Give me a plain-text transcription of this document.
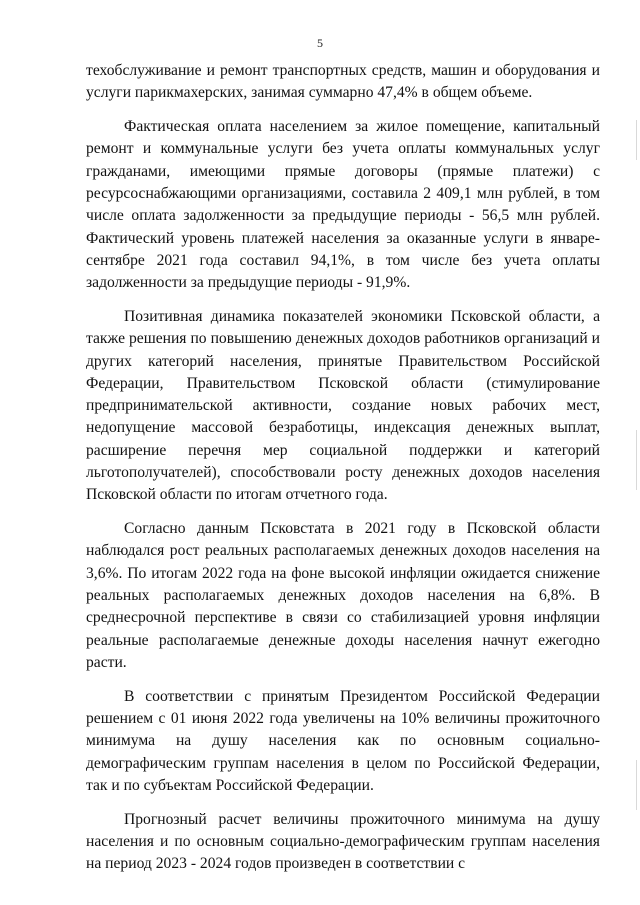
5

техобслуживание и ремонт транспортных средств, машин и оборудования и услуги парикмахерских, занимая суммарно 47,4% в общем объеме.

Фактическая оплата населением за жилое помещение, капитальный ремонт и коммунальные услуги без учета оплаты коммунальных услуг гражданами, имеющими прямые договоры (прямые платежи) с ресурсоснабжающими организациями, составила 2 409,1 млн рублей, в том числе оплата задолженности за предыдущие периоды - 56,5 млн рублей. Фактический уровень платежей населения за оказанные услуги в январе-сентябре 2021 года составил 94,1%, в том числе без учета оплаты задолженности за предыдущие периоды - 91,9%.

Позитивная динамика показателей экономики Псковской области, а также решения по повышению денежных доходов работников организаций и других категорий населения, принятые Правительством Российской Федерации, Правительством Псковской области (стимулирование предпринимательской активности, создание новых рабочих мест, недопущение массовой безработицы, индексация денежных выплат, расширение перечня мер социальной поддержки и категорий льготополучателей), способствовали росту денежных доходов населения Псковской области по итогам отчетного года.

Согласно данным Псковстата в 2021 году в Псковской области наблюдался рост реальных располагаемых денежных доходов населения на 3,6%. По итогам 2022 года на фоне высокой инфляции ожидается снижение реальных располагаемых денежных доходов населения на 6,8%. В среднесрочной перспективе в связи со стабилизацией уровня инфляции реальные располагаемые денежные доходы населения начнут ежегодно расти.

В соответствии с принятым Президентом Российской Федерации решением с 01 июня 2022 года увеличены на 10% величины прожиточного минимума на душу населения как по основным социально-демографическим группам населения в целом по Российской Федерации, так и по субъектам Российской Федерации.

Прогнозный расчет величины прожиточного минимума на душу населения и по основным социально-демографическим группам населения на период 2023 - 2024 годов произведен в соответствии с
